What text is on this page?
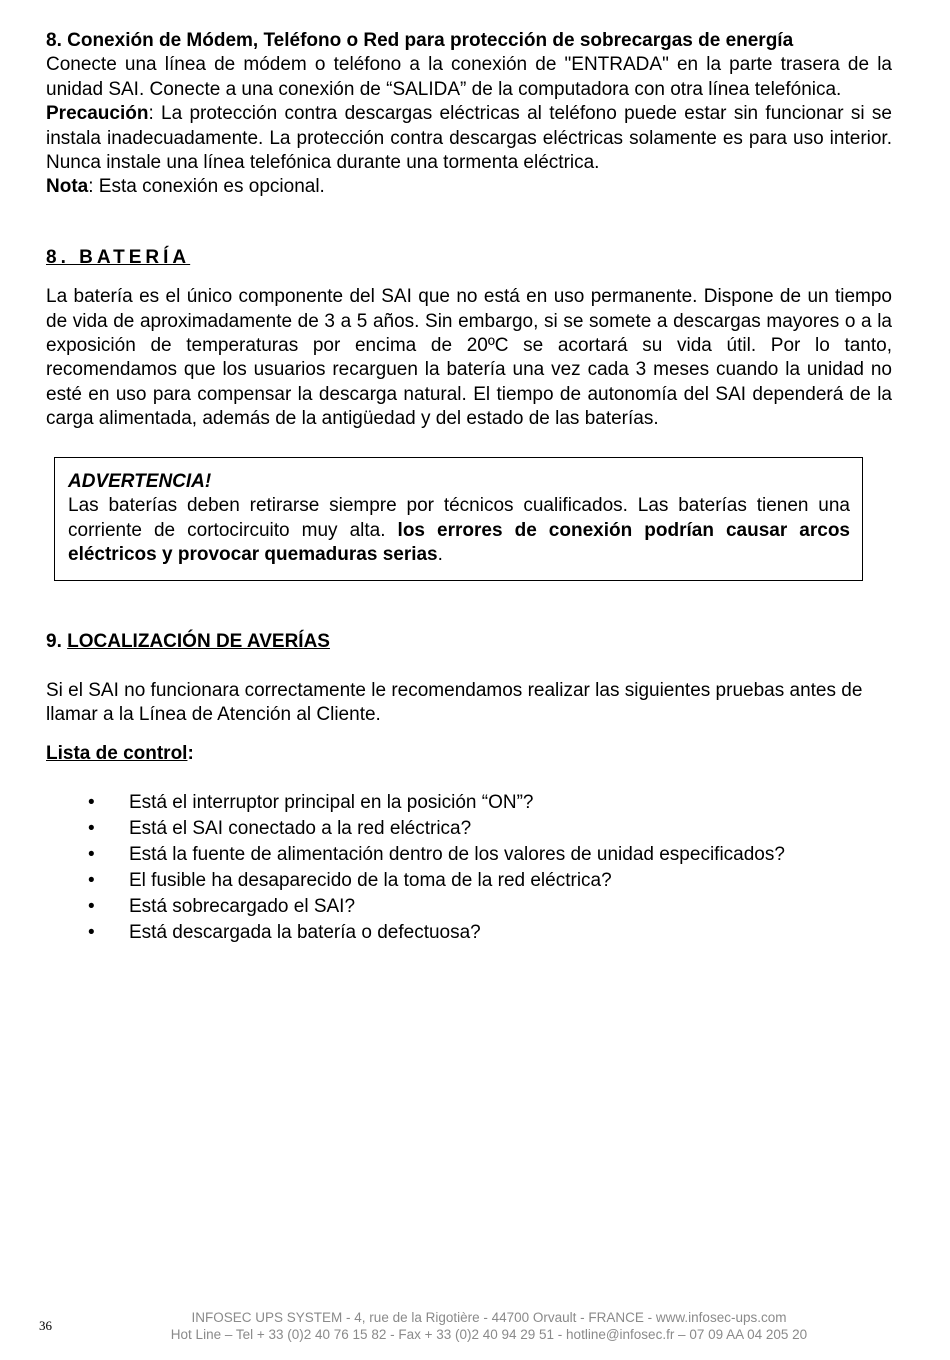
8. Conexión de Módem, Teléfono o Red para protección de sobrecargas de energía

Conecte una línea de módem o teléfono a la conexión de "ENTRADA" en la parte trasera de la unidad SAI. Conecte a una conexión de “SALIDA” de la computadora con otra línea telefónica.

Precaución: La protección contra descargas eléctricas al teléfono puede estar sin funcionar si se instala inadecuadamente. La protección contra descargas eléctricas solamente es para uso interior. Nunca instale una línea telefónica durante una tormenta eléctrica.

Nota: Esta conexión es opcional.

8. BATERÍA

La batería es el único componente del SAI que no está en uso permanente. Dispone de un tiempo de vida de aproximadamente de 3 a 5 años. Sin embargo, si se somete a descargas mayores o a la exposición de temperaturas por encima de 20ºC se acortará su vida útil. Por lo tanto, recomendamos que los usuarios recarguen la batería una vez cada 3 meses cuando la unidad no esté en uso para compensar la descarga natural. El tiempo de autonomía del SAI dependerá de la carga alimentada, además de la antigüedad y del estado de las baterías.

ADVERTENCIA!

Las baterías deben retirarse siempre por técnicos cualificados. Las baterías tienen una corriente de cortocircuito muy alta. los errores de conexión podrían causar arcos eléctricos y provocar quemaduras serias.

9. LOCALIZACIÓN DE AVERÍAS

Si el SAI no funcionara correctamente le recomendamos realizar las siguientes pruebas antes de llamar a la Línea de Atención al Cliente.

Lista de control:
• Está el interruptor principal en la posición “ON”?
• Está el SAI conectado a la red eléctrica?
• Está la fuente de alimentación dentro de los valores de unidad especificados?
• El fusible ha desaparecido de la toma de la red eléctrica?
• Está sobrecargado el SAI?
• Está descargada la batería o defectuosa?
36
INFOSEC UPS SYSTEM - 4, rue de la Rigotière - 44700 Orvault - FRANCE - www.infosec-ups.com
Hot Line – Tel + 33 (0)2 40 76 15 82 - Fax + 33 (0)2 40 94 29 51 - hotline@infosec.fr – 07 09 AA 04 205 20
